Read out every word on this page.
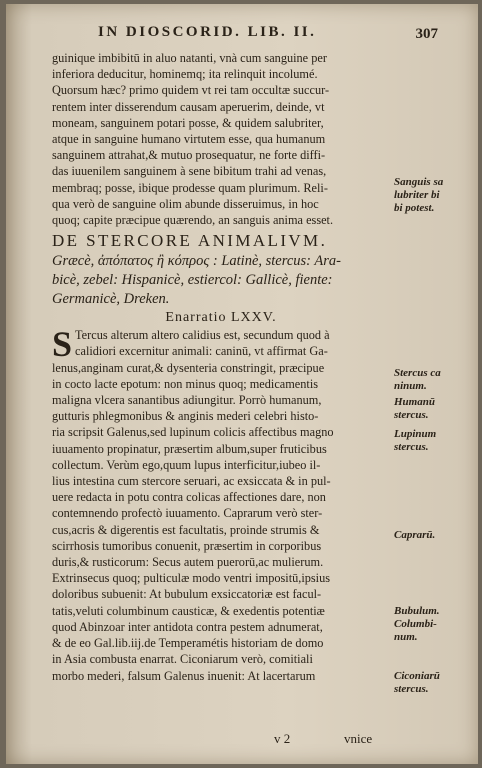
IN DIOSCORID. LIB. II.	307
guinique imbibitū in aluo natanti, vnà cum sanguine per
inferiora deducitur, hominemq; ita relinquit incolumé.
Quorsum hæc? primo quidem vt rei tam occultæ succur-
rentem inter disserendum causam aperuerim, deinde, vt
moneam, sanguinem potari posse, & quidem salubriter,
atque in sanguine humano virtutem esse, qua humanum
sanguinem attrahat,& mutuo prosequatur, ne forte diffi-
das iuuenilem sanguinem à sene bibitum trahi ad venas,
membraq; posse, ibique prodesse quam plurimum. Reli-
qua verò de sanguine olim abunde disseruimus, in hoc
quoq; capite præcipue quærendo, an sanguis anima esset.
DE STERCORE ANIMALIVM.
Græcè, ἀπόπατος ἢ κόπρος : Latinè, stercus: Ara-
bicè, zebel: Hispanicè, estiercol: Gallicè, fiente:
Germanicè, Dreken.
Enarratio LXXV.
S Tercus alterum altero calidius est, secundum quod à
calidiori excernitur animali: caninū, vt affirmat Ga-
lenus,anginam curat,& dysenteria constringit, præcipue
in cocto lacte epotum: non minus quoq; medicamentis
maligna vlcera sanantibus adiungitur. Porrò humanum,
gutturis phlegmonibus & anginis mederi celebri histo-
ria scripsit Galenus,sed lupinum colicis affectibus magno
iuuamento propinatur, præsertim album,super fruticibus
collectum. Verùm ego,quum lupus interficitur,iubeo il-
lius intestina cum stercore seruari, ac exsiccata & in pul-
uere redacta in potu contra colicas affectiones dare, non
contemnendo profectò iuuamento. Caprarum verò ster-
cus,acris & digerentis est facultatis, proinde strumis &
scirrhosis tumoribus conuenit, præsertim in corporibus
duris,& rusticorum: Secus autem puerorū,ac mulierum.
Extrinsecus quoq; pulticulæ modo ventri impositū,ipsius
doloribus subuenit: At bubulum exsiccatoriæ est facul-
tatis,veluti columbinum causticæ, & exedentis potentiæ
quod Abinzoar inter antidota contra pestem adnumerat,
& de eo Gal.lib.iij.de Temperamétis historiam de domo
in Asia combusta enarrat. Ciconiarum verò, comitiali
morbo mederi, falsum Galenus inuenit: At lacertarum
Sanguis sa
lubriter bi
bi potest.
Stercus ca
ninum.
Humanū
stercus.
Lupinum
stercus.
Caprarū.
Bubulum.
Columbi-
num.
Ciconiarū
stercus.
v 2	vnice
